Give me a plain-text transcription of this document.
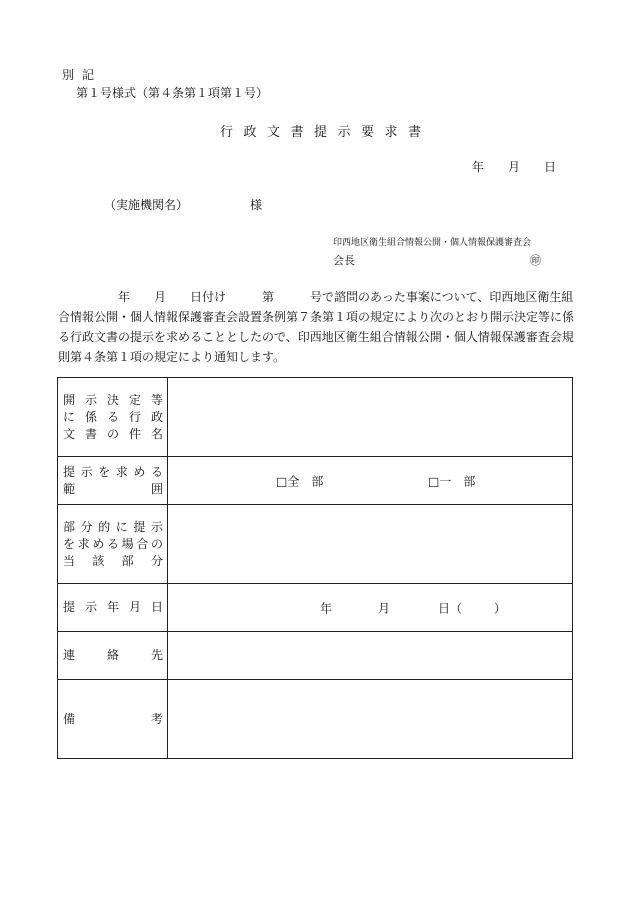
別記
第１号様式（第４条第１項第１号）
行政文書提示要求書
年 月 日
（実施機関名）	様
印西地区衛生組合情報公開・個人情報保護審査会
会長	㊞
　　　　　年　　月　　日付け　　　第　　　号で諮問のあった事案について、印西地区衛生組
合情報公開・個人情報保護審査会設置条例第７条第１項の規定により次のとおり開示決定等に係
る行政文書の提示を求めることとしたので、印西地区衛生組合情報公開・個人情報保護審査会規
則第４条第１項の規定により通知します。
開示決定等
に係る行政
文書の件名	

提示を求める
範囲	□全　部 □一　部

部分的に提示
を求める場合の
当該部分	

提示年月日	年 月 日（ ）

連絡先	

備考	
